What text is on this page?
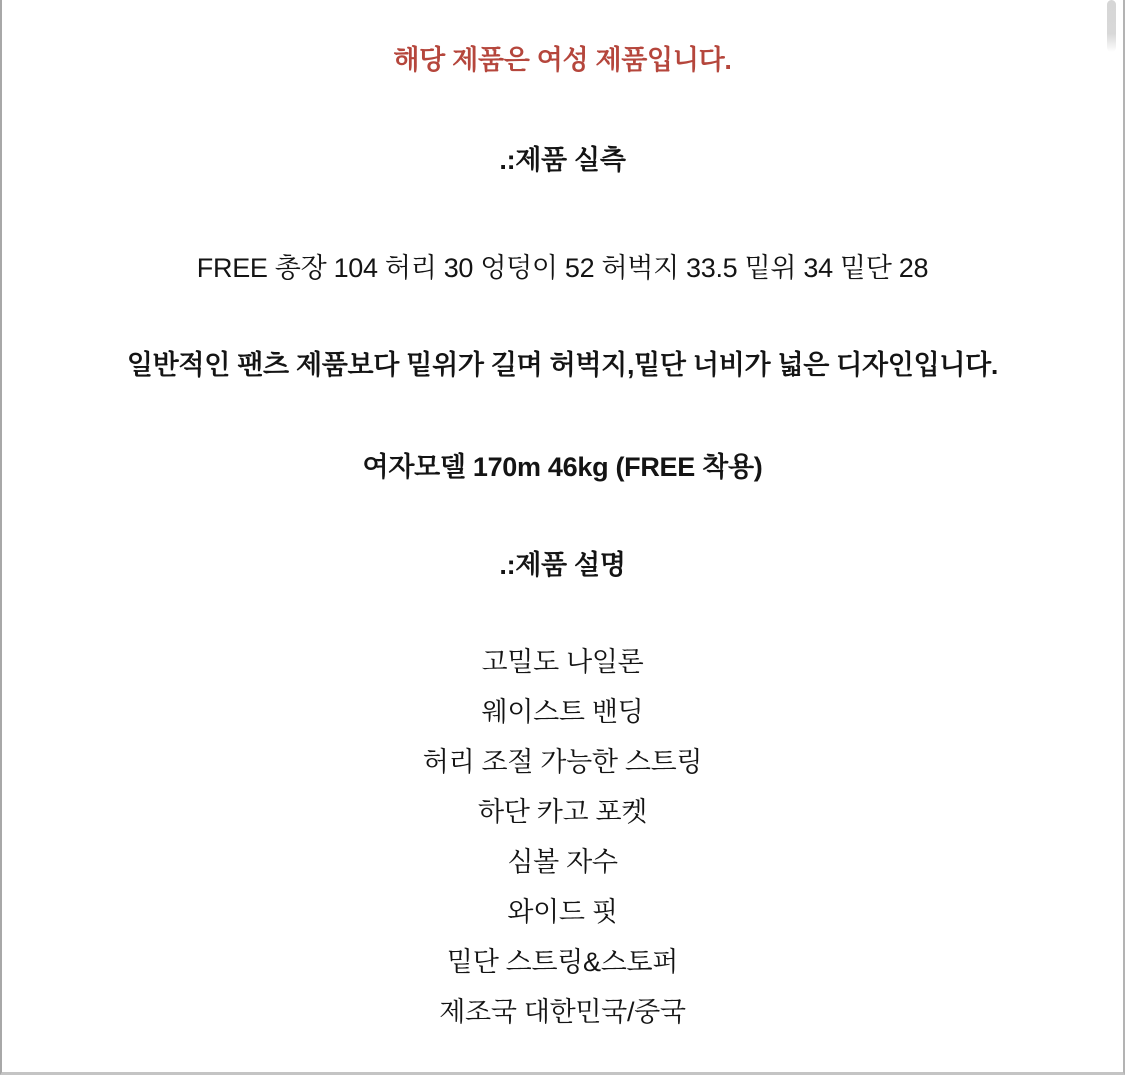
해당 제품은 여성 제품입니다.
.:제품 실측
FREE 총장 104 허리 30 엉덩이 52 허벅지 33.5 밑위 34 밑단 28
일반적인 팬츠 제품보다 밑위가 길며 허벅지,밑단 너비가 넓은 디자인입니다.
여자모델 170m 46kg (FREE 착용)
.:제품 설명
고밀도 나일론
웨이스트 밴딩
허리 조절 가능한 스트링
하단 카고 포켓
심볼 자수
와이드 핏
밑단 스트링&스토퍼
제조국 대한민국/중국
